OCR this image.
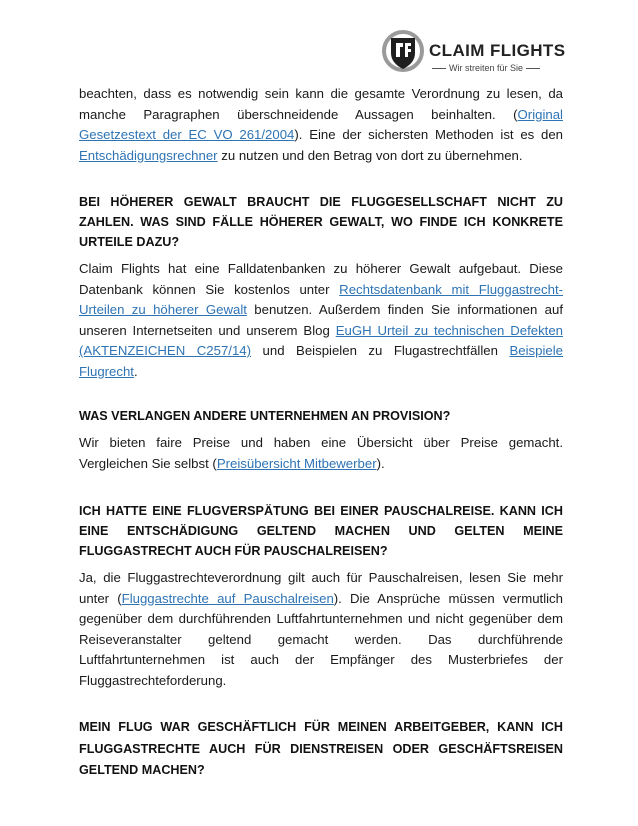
CLAIM FLIGHTS
Wir streiten für Sie

beachten, dass es notwendig sein kann die gesamte Verordnung zu lesen, da manche Paragraphen überschneidende Aussagen beinhalten. (Original Gesetzestext der EC VO 261/2004). Eine der sichersten Methoden ist es den Entschädigungsrechner zu nutzen und den Betrag von dort zu übernehmen.

BEI HÖHERER GEWALT BRAUCHT DIE FLUGGESELLSCHAFT NICHT ZU ZAHLEN. WAS SIND FÄLLE HÖHERER GEWALT, WO FINDE ICH KONKRETE URTEILE DAZU?

Claim Flights hat eine Falldatenbanken zu höherer Gewalt aufgebaut. Diese Datenbank können Sie kostenlos unter Rechtsdatenbank mit Fluggastrecht-Urteilen zu höherer Gewalt benutzen. Außerdem finden Sie informationen auf unseren Internetseiten und unserem Blog EuGH Urteil zu technischen Defekten (AKTENZEICHEN C257/14) und Beispielen zu Flugastrechtfällen Beispiele Flugrecht.

WAS VERLANGEN ANDERE UNTERNEHMEN AN PROVISION?

Wir bieten faire Preise und haben eine Übersicht über Preise gemacht. Vergleichen Sie selbst (Preisübersicht Mitbewerber).

ICH HATTE EINE FLUGVERSPÄTUNG BEI EINER PAUSCHALREISE. KANN ICH EINE ENTSCHÄDIGUNG GELTEND MACHEN UND GELTEN MEINE FLUGGASTRECHT AUCH FÜR PAUSCHALREISEN?

Ja, die Fluggastrechteverordnung gilt auch für Pauschalreisen, lesen Sie mehr unter (Fluggastrechte auf Pauschalreisen). Die Ansprüche müssen vermutlich gegenüber dem durchführenden Luftfahrtunternehmen und nicht gegenüber dem Reiseveranstalter geltend gemacht werden. Das durchführende Luftfahrtunternehmen ist auch der Empfänger des Musterbriefes der Fluggastrechteforderung.

MEIN FLUG WAR GESCHÄFTLICH FÜR MEINEN ARBEITGEBER, KANN ICH FLUGGASTRECHTE AUCH FÜR DIENSTREISEN ODER GESCHÄFTSREISEN GELTEND MACHEN?
